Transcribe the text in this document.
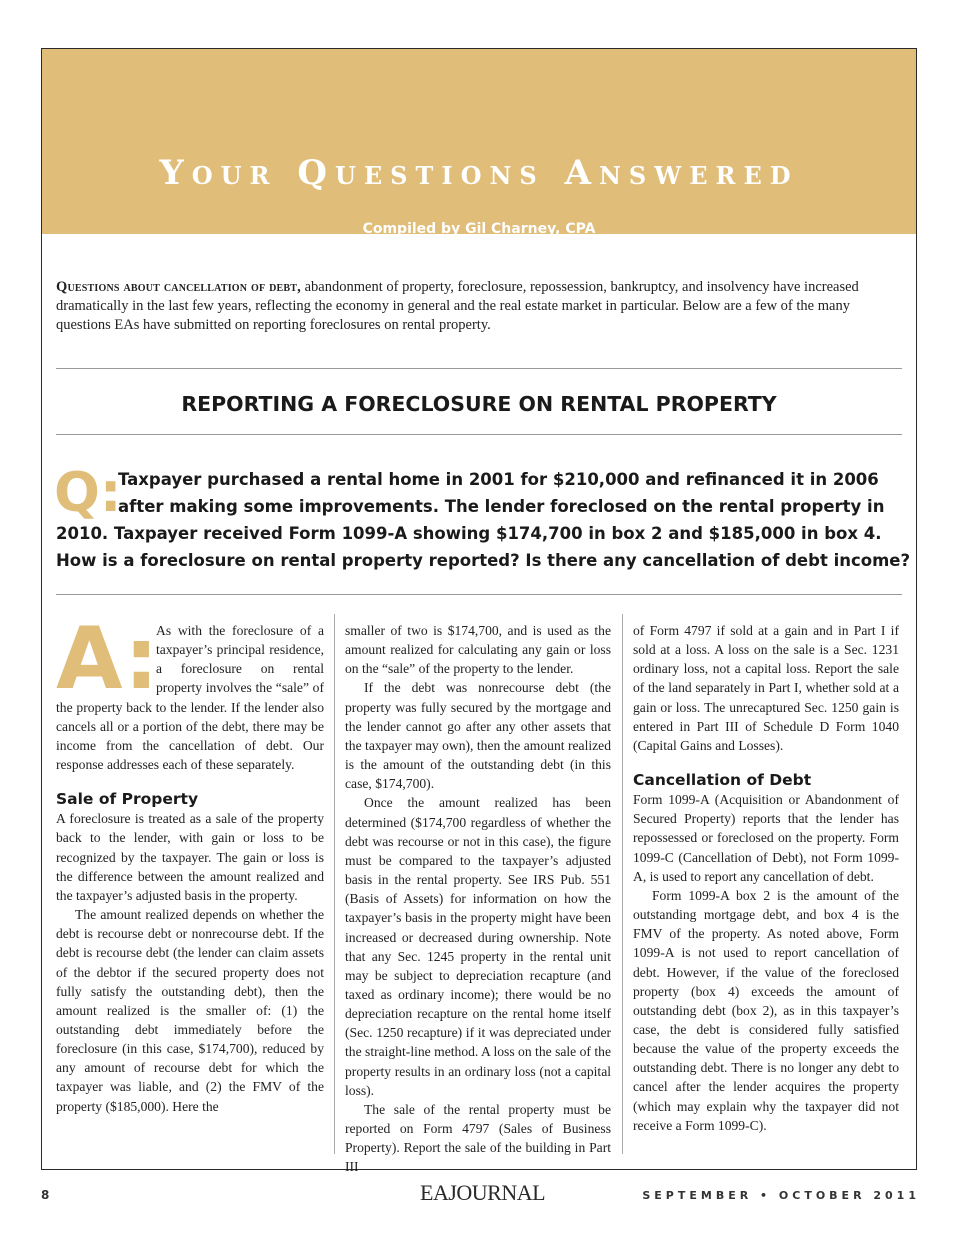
Your Questions Answered
Compiled by Gil Charney, CPA

Questions about cancellation of debt, abandonment of property, foreclosure, repossession, bankruptcy, and insolvency have increased dramatically in the last few years, reflecting the economy in general and the real estate market in particular. Below are a few of the many questions EAs have submitted on reporting foreclosures on rental property.

REPORTING A FORECLOSURE ON RENTAL PROPERTY
Q:
Taxpayer purchased a rental home in 2001 for $210,000 and refinanced it in 2006
after making some improvements. The lender foreclosed on the rental property in
2010. Taxpayer received Form 1099-A showing $174,700 in box 2 and $185,000 in box 4.
How is a foreclosure on rental property reported? Is there any cancellation of debt income?
A:

As with the foreclosure of a taxpayer’s principal residence, a foreclosure on rental property involves the “sale” of the property back to the lender. If the lender also cancels all or a portion of the debt, there may be income from the cancellation of debt. Our response addresses each of these separately.

Sale of Property

A foreclosure is treated as a sale of the property back to the lender, with gain or loss to be recognized by the taxpayer. The gain or loss is the difference between the amount realized and the taxpayer’s adjusted basis in the property.

The amount realized depends on whether the debt is recourse debt or nonrecourse debt. If the debt is recourse debt (the lender can claim assets of the debtor if the secured property does not fully satisfy the outstanding debt), then the amount realized is the smaller of: (1) the outstanding debt immediately before the foreclosure (in this case, $174,700), reduced by any amount of recourse debt for which the taxpayer was liable, and (2) the FMV of the property ($185,000). Here the

smaller of two is $174,700, and is used as the amount realized for calculating any gain or loss on the “sale” of the property to the lender.

If the debt was nonrecourse debt (the property was fully secured by the mortgage and the lender cannot go after any other assets that the taxpayer may own), then the amount realized is the amount of the outstanding debt (in this case, $174,700).

Once the amount realized has been determined ($174,700 regardless of whether the debt was recourse or not in this case), the figure must be compared to the taxpayer’s adjusted basis in the rental property. See IRS Pub. 551 (Basis of Assets) for information on how the taxpayer’s basis in the property might have been increased or decreased during ownership. Note that any Sec. 1245 property in the rental unit may be subject to depreciation recapture (and taxed as ordinary income); there would be no depreciation recapture on the rental home itself (Sec. 1250 recapture) if it was depreciated under the straight-line method. A loss on the sale of the property results in an ordinary loss (not a capital loss).

The sale of the rental property must be reported on Form 4797 (Sales of Business Property). Report the sale of the building in Part III

of Form 4797 if sold at a gain and in Part I if sold at a loss. A loss on the sale is a Sec. 1231 ordinary loss, not a capital loss. Report the sale of the land separately in Part I, whether sold at a gain or loss. The unrecaptured Sec. 1250 gain is entered in Part III of Schedule D Form 1040 (Capital Gains and Losses).

Cancellation of Debt

Form 1099-A (Acquisition or Abandonment of Secured Property) reports that the lender has repossessed or foreclosed on the property. Form 1099-C (Cancellation of Debt), not Form 1099-A, is used to report any cancellation of debt.

Form 1099-A box 2 is the amount of the outstanding mortgage debt, and box 4 is the FMV of the property. As noted above, Form 1099-A is not used to report cancellation of debt. However, if the value of the foreclosed property (box 4) exceeds the amount of outstanding debt (box 2), as in this taxpayer’s case, the debt is considered fully satisfied because the value of the property exceeds the outstanding debt. There is no longer any debt to cancel after the lender acquires the property (which may explain why the taxpayer did not receive a Form 1099-C).

8	EAJOURNAL	SEPTEMBER • OCTOBER 2011
